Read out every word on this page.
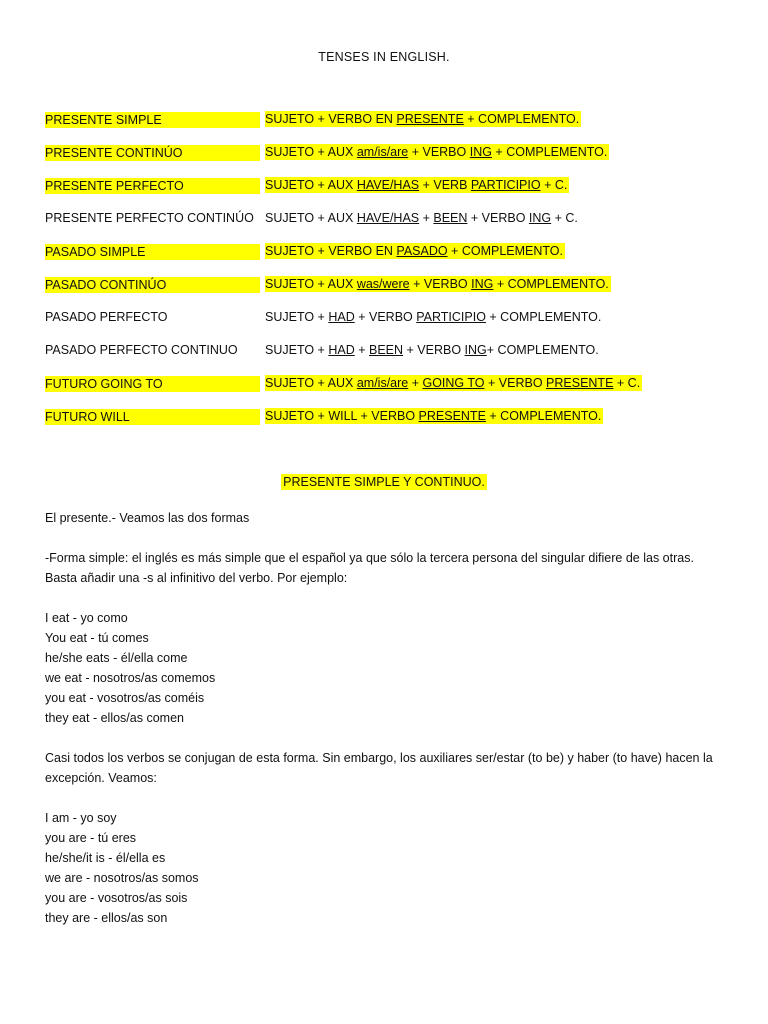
TENSES IN ENGLISH.
PRESENTE SIMPLE	SUJETO + VERBO EN PRESENTE + COMPLEMENTO.
PRESENTE CONTINÚO	SUJETO + AUX am/is/are + VERBO ING + COMPLEMENTO.
PRESENTE PERFECTO	SUJETO + AUX HAVE/HAS + VERB PARTICIPIO + C.
PRESENTE PERFECTO CONTINÚO SUJETO + AUX HAVE/HAS + BEEN + VERBO ING + C.
PASADO SIMPLE	SUJETO + VERBO EN PASADO + COMPLEMENTO.
PASADO CONTINÚO	SUJETO + AUX was/were + VERBO ING + COMPLEMENTO.
PASADO PERFECTO	SUJETO + HAD + VERBO PARTICIPIO + COMPLEMENTO.
PASADO PERFECTO CONTINUO SUJETO + HAD + BEEN + VERBO ING+ COMPLEMENTO.
FUTURO GOING TO	SUJETO + AUX am/is/are + GOING TO + VERBO PRESENTE + C.
FUTURO WILL	SUJETO + WILL + VERBO PRESENTE + COMPLEMENTO.
PRESENTE SIMPLE Y CONTINUO.

El presente.- Veamos las dos formas

-Forma simple: el inglés es más simple que el español ya que sólo la tercera persona del singular difiere de las otras.

Basta añadir una -s al infinitivo del verbo. Por ejemplo:

I eat - yo como

You eat - tú comes

he/she eats - él/ella come

we eat - nosotros/as comemos

you eat - vosotros/as coméis

they eat - ellos/as comen

Casi todos los verbos se conjugan de esta forma. Sin embargo, los auxiliares ser/estar (to be) y haber (to have) hacen la

excepción. Veamos:

I am - yo soy

you are - tú eres

he/she/it is - él/ella es

we are - nosotros/as somos

you are - vosotros/as sois

they are - ellos/as son
